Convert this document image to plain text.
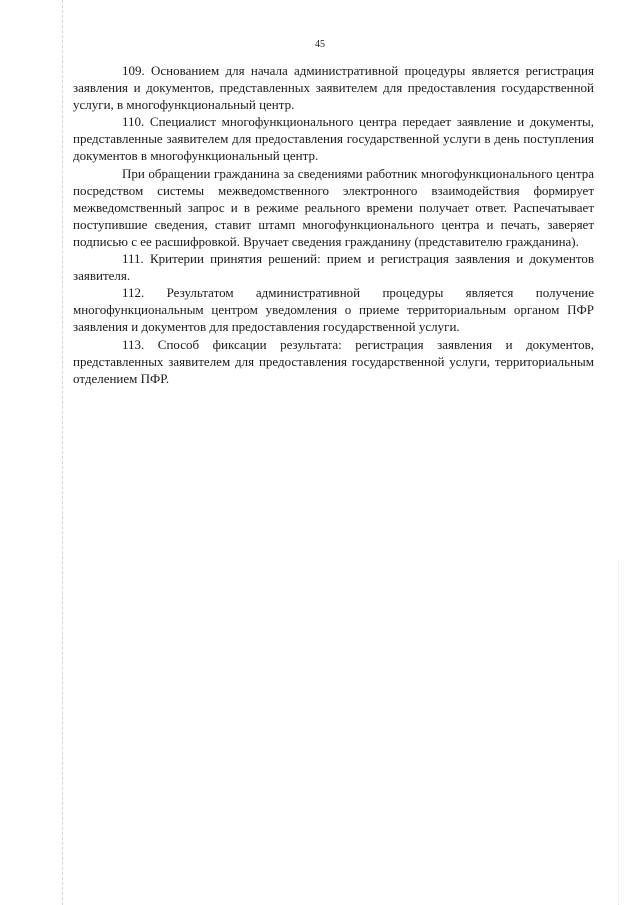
45

109. Основанием для начала административной процедуры является регистрация заявления и документов, представленных заявителем для предоставления государственной услуги, в многофункциональный центр.

110. Специалист многофункционального центра передает заявление и документы, представленные заявителем для предоставления государственной услуги в день поступления документов в многофункциональный центр.

При обращении гражданина за сведениями работник многофункционального центра посредством системы межведомственного электронного взаимодействия формирует межведомственный запрос и в режиме реального времени получает ответ. Распечатывает поступившие сведения, ставит штамп многофункционального центра и печать, заверяет подписью с ее расшифровкой. Вручает сведения гражданину (представителю гражданина).

111. Критерии принятия решений: прием и регистрация заявления и документов заявителя.

112. Результатом административной процедуры является получение многофункциональным центром уведомления о приеме территориальным органом ПФР заявления и документов для предоставления государственной услуги.

113. Способ фиксации результата: регистрация заявления и документов, представленных заявителем для предоставления государственной услуги, территориальным отделением ПФР.
